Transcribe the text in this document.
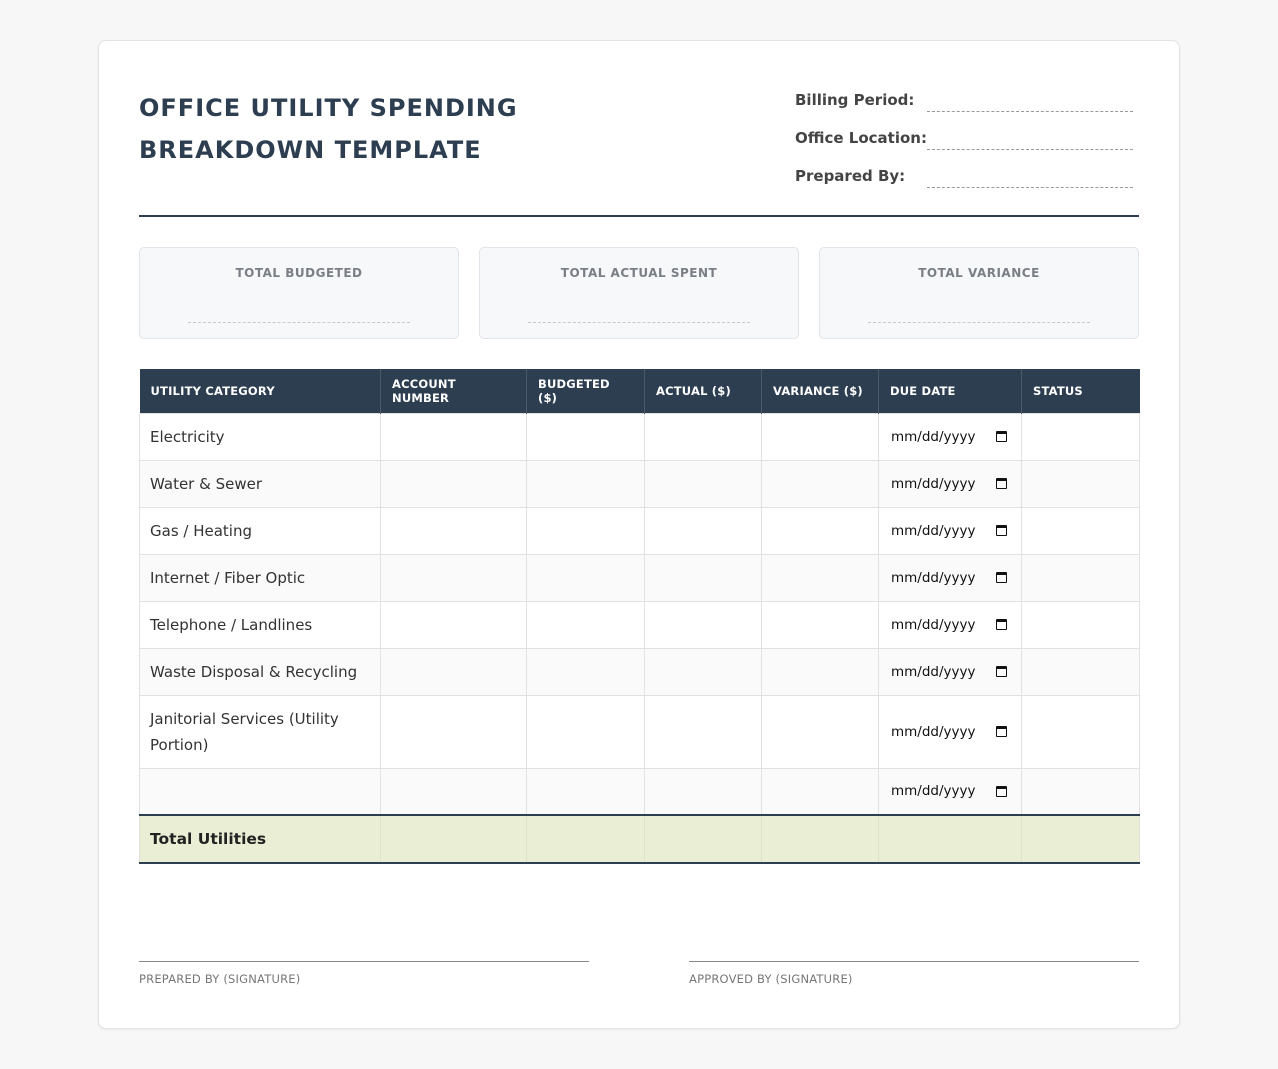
OFFICE UTILITY SPENDING BREAKDOWN TEMPLATE
Billing Period:
Office Location:
Prepared By:
TOTAL BUDGETED	TOTAL ACTUAL SPENT	TOTAL VARIANCE
UTILITY CATEGORY	ACCOUNT NUMBER	BUDGETED ($)	ACTUAL ($)	VARIANCE ($)	DUE DATE	STATUS
Electricity					mm/dd/yyyy	

Water & Sewer					mm/dd/yyyy	

Gas / Heating					mm/dd/yyyy	

Internet / Fiber Optic					mm/dd/yyyy	

Telephone / Landlines					mm/dd/yyyy	

Waste Disposal & Recycling					mm/dd/yyyy	

Janitorial Services (Utility Portion)					mm/dd/yyyy	

					mm/dd/yyyy	

Total Utilities						
PREPARED BY (SIGNATURE)	APPROVED BY (SIGNATURE)
